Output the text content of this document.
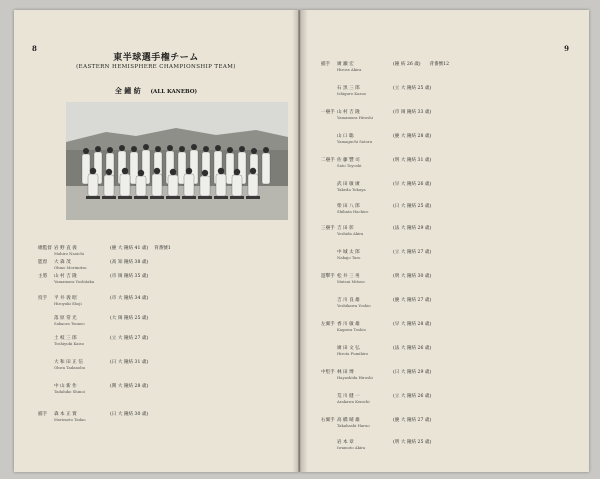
8
東半球選手権チーム
(EASTERN HEMISPHERE CHAMPIONSHIP TEAM)
全 鐘 紡 (ALL KANEBO)
總監督 岩 野 直 義	(慶 大 鐘紡 41 歳) 背番號1
Mahiro Naoichi
監督 大 森 茂	(高 知 鐘紡 38 歳)
Ohmo Morimitsu
主將 山 村 吉 隆	(市 岡 鐘紡 35 歳)
Yamamura Yoshitaka
投手 平 井 義 昭	(市 大 鐘紡 34 歳)
Hiroyuki Shoji
落 原 常 光	(大 岡 鐘紡 25 歳)
Sakaora Tsuneo
土 岐 三 郎	(立 大 鐘紡 27 歳)
Toshiyuki Kaiso
大 和 田 正 信	(日 大 鐘紡 31 歳)
Ohwa Tadanobu
中 山 新 作	(関 大 鐘紡 28 歳)
Tadahiko Shinoi
捕手 森 本 正 實	(日 大 鐘紡 30 歳)
Morimoto Tadao
9
捕手 廣 瀬 宏	(鐘 紡 26 歳) 背番號12
Hirose Akira
石 黒 三 郎	(立 大 鐘紡 25 歳)
Ishiguro Kazuo
一壘手 山 村 吉 隆	(市 岡 鐘紡 33 歳)
Yamamura Hiroshi
山 口 聡	(慶 大 鐘紡 28 歳)
Yamaguchi Satoru
二壘手 佐 藤 豐 司	(明 大 鐘紡 31 歳)
Sato Toyoshi
武 田 敏 廣	(早 大 鐘紡 26 歳)
Takeda Tokuya
柴 田 八 郎	(日 大 鐘紡 25 歳)
Shibata Hachiro
三壘手 吉 田 彰	(法 大 鐘紡 29 歳)
Yoshida Akira
中 城 太 郎	(立 大 鐘紡 27 歳)
Nakajo Taro
遊撃手 松 井 三 男	(明 大 鐘紡 30 歳)
Matsui Mitsuo
吉 川 良 雄	(慶 大 鐘紡 27 歳)
Yoshikawa Yoshio
左翼手 香 川 敏 雄	(早 大 鐘紡 28 歳)
Kagawa Toshio
廣 田 文 弘	(法 大 鐘紡 26 歳)
Hirota Fumihiro
中堅手 林 田 博	(日 大 鐘紡 29 歳)
Hayashida Hiroshi
荒 川 健 一	(立 大 鐘紡 26 歳)
Arakawa Kenichi
右翼手 高 橋 晴 雄	(慶 大 鐘紡 27 歳)
Takahashi Haruo
岩 本 章	(明 大 鐘紡 25 歳)
Iwamoto Akira
